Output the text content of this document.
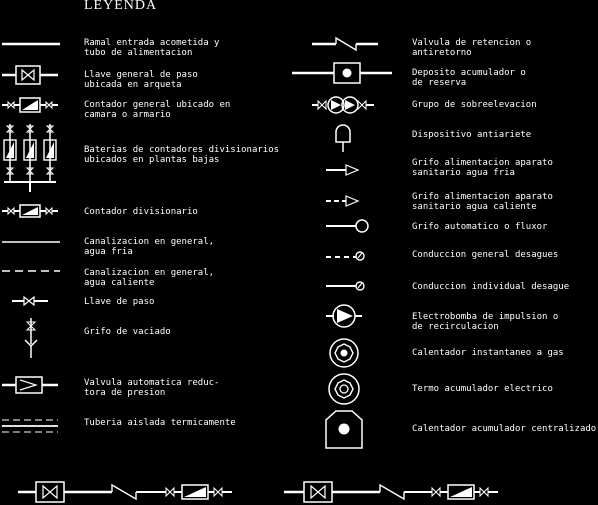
LEYENDA
Ramal entrada acometida y
tubo de alimentacion
Llave general de paso
ubicada en arqueta
Contador general ubicado en
camara o armario
Baterias de contadores divisionarios
ubicados en plantas bajas
Contador divisionario
Canalizacion en general,
agua fria
Canalizacion en general,
agua caliente
Llave de paso
Grifo de vaciado
Valvula automatica reduc-
tora de presion
Tuberia aislada termicamente
Valvula de retencion o
antiretorno
Deposito acumulador o
de reserva
Grupo de sobreelevacion
Dispositivo antiariete
Grifo alimentacion aparato
sanitario agua fria
Grifo alimentacion aparato
sanitario agua caliente
Grifo automatico o fluxor
Conduccion general desagues
Conduccion individual desague
Electrobomba de impulsion o
de recirculacion
Calentador instantaneo a gas
Termo acumulador electrico
Calentador acumulador centralizado
